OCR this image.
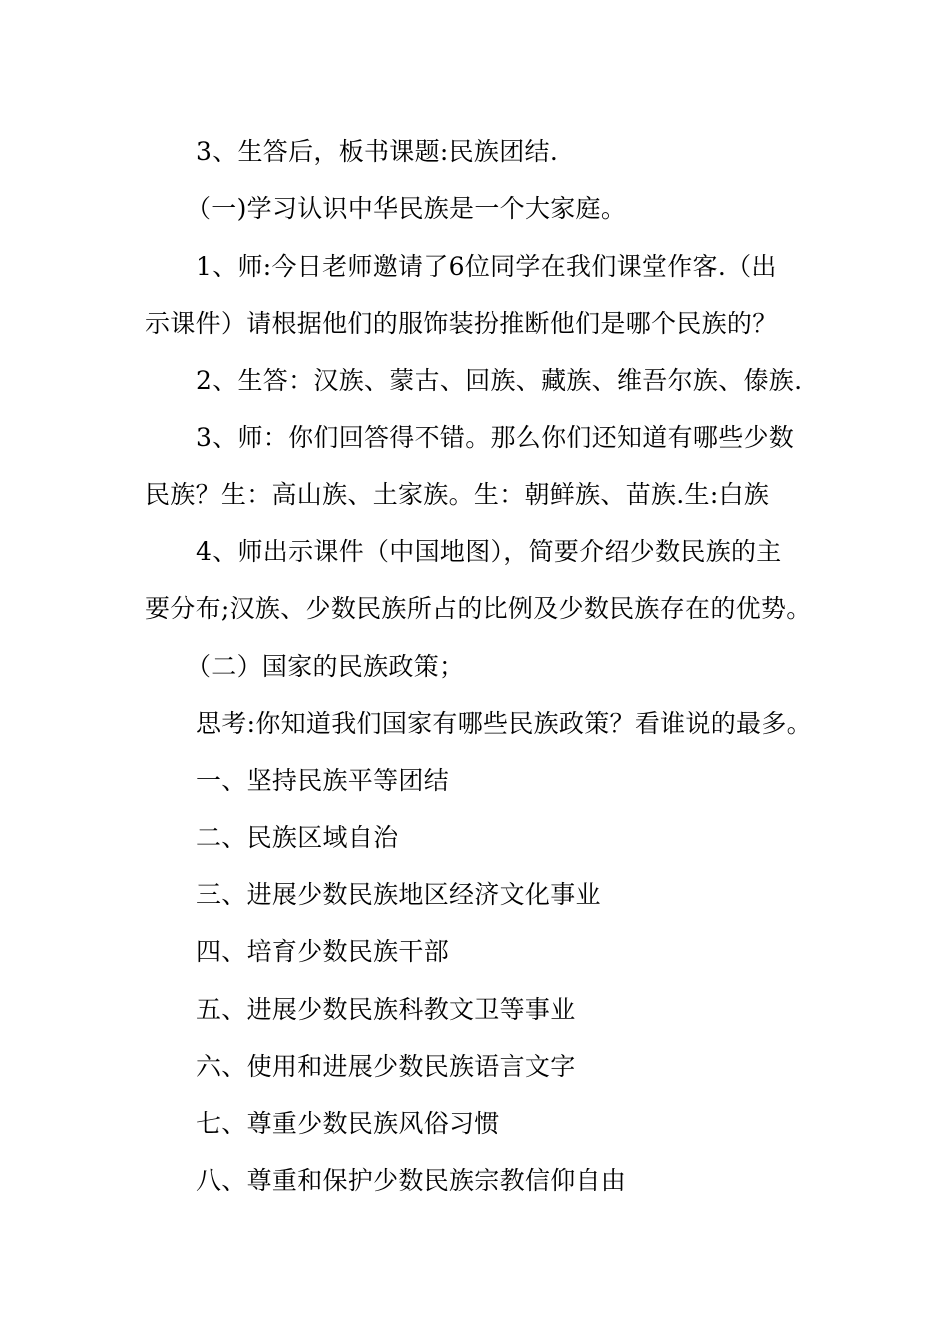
3、生答后，板书课题:民族团结.
（一)学习认识中华民族是一个大家庭。
1、师:今日老师邀请了6位同学在我们课堂作客.（出
示课件）请根据他们的服饰装扮推断他们是哪个民族的？
2、生答：汉族、蒙古、回族、藏族、维吾尔族、傣族.
3、师：你们回答得不错。那么你们还知道有哪些少数
民族？生：高山族、土家族。生：朝鲜族、苗族.生:白族
4、师出示课件（中国地图），简要介绍少数民族的主
要分布;汉族、少数民族所占的比例及少数民族存在的优势。
（二）国家的民族政策；
思考:你知道我们国家有哪些民族政策？看谁说的最多。
一、坚持民族平等团结
二、民族区域自治
三、进展少数民族地区经济文化事业
四、培育少数民族干部
五、进展少数民族科教文卫等事业
六、使用和进展少数民族语言文字
七、尊重少数民族风俗习惯
八、尊重和保护少数民族宗教信仰自由
